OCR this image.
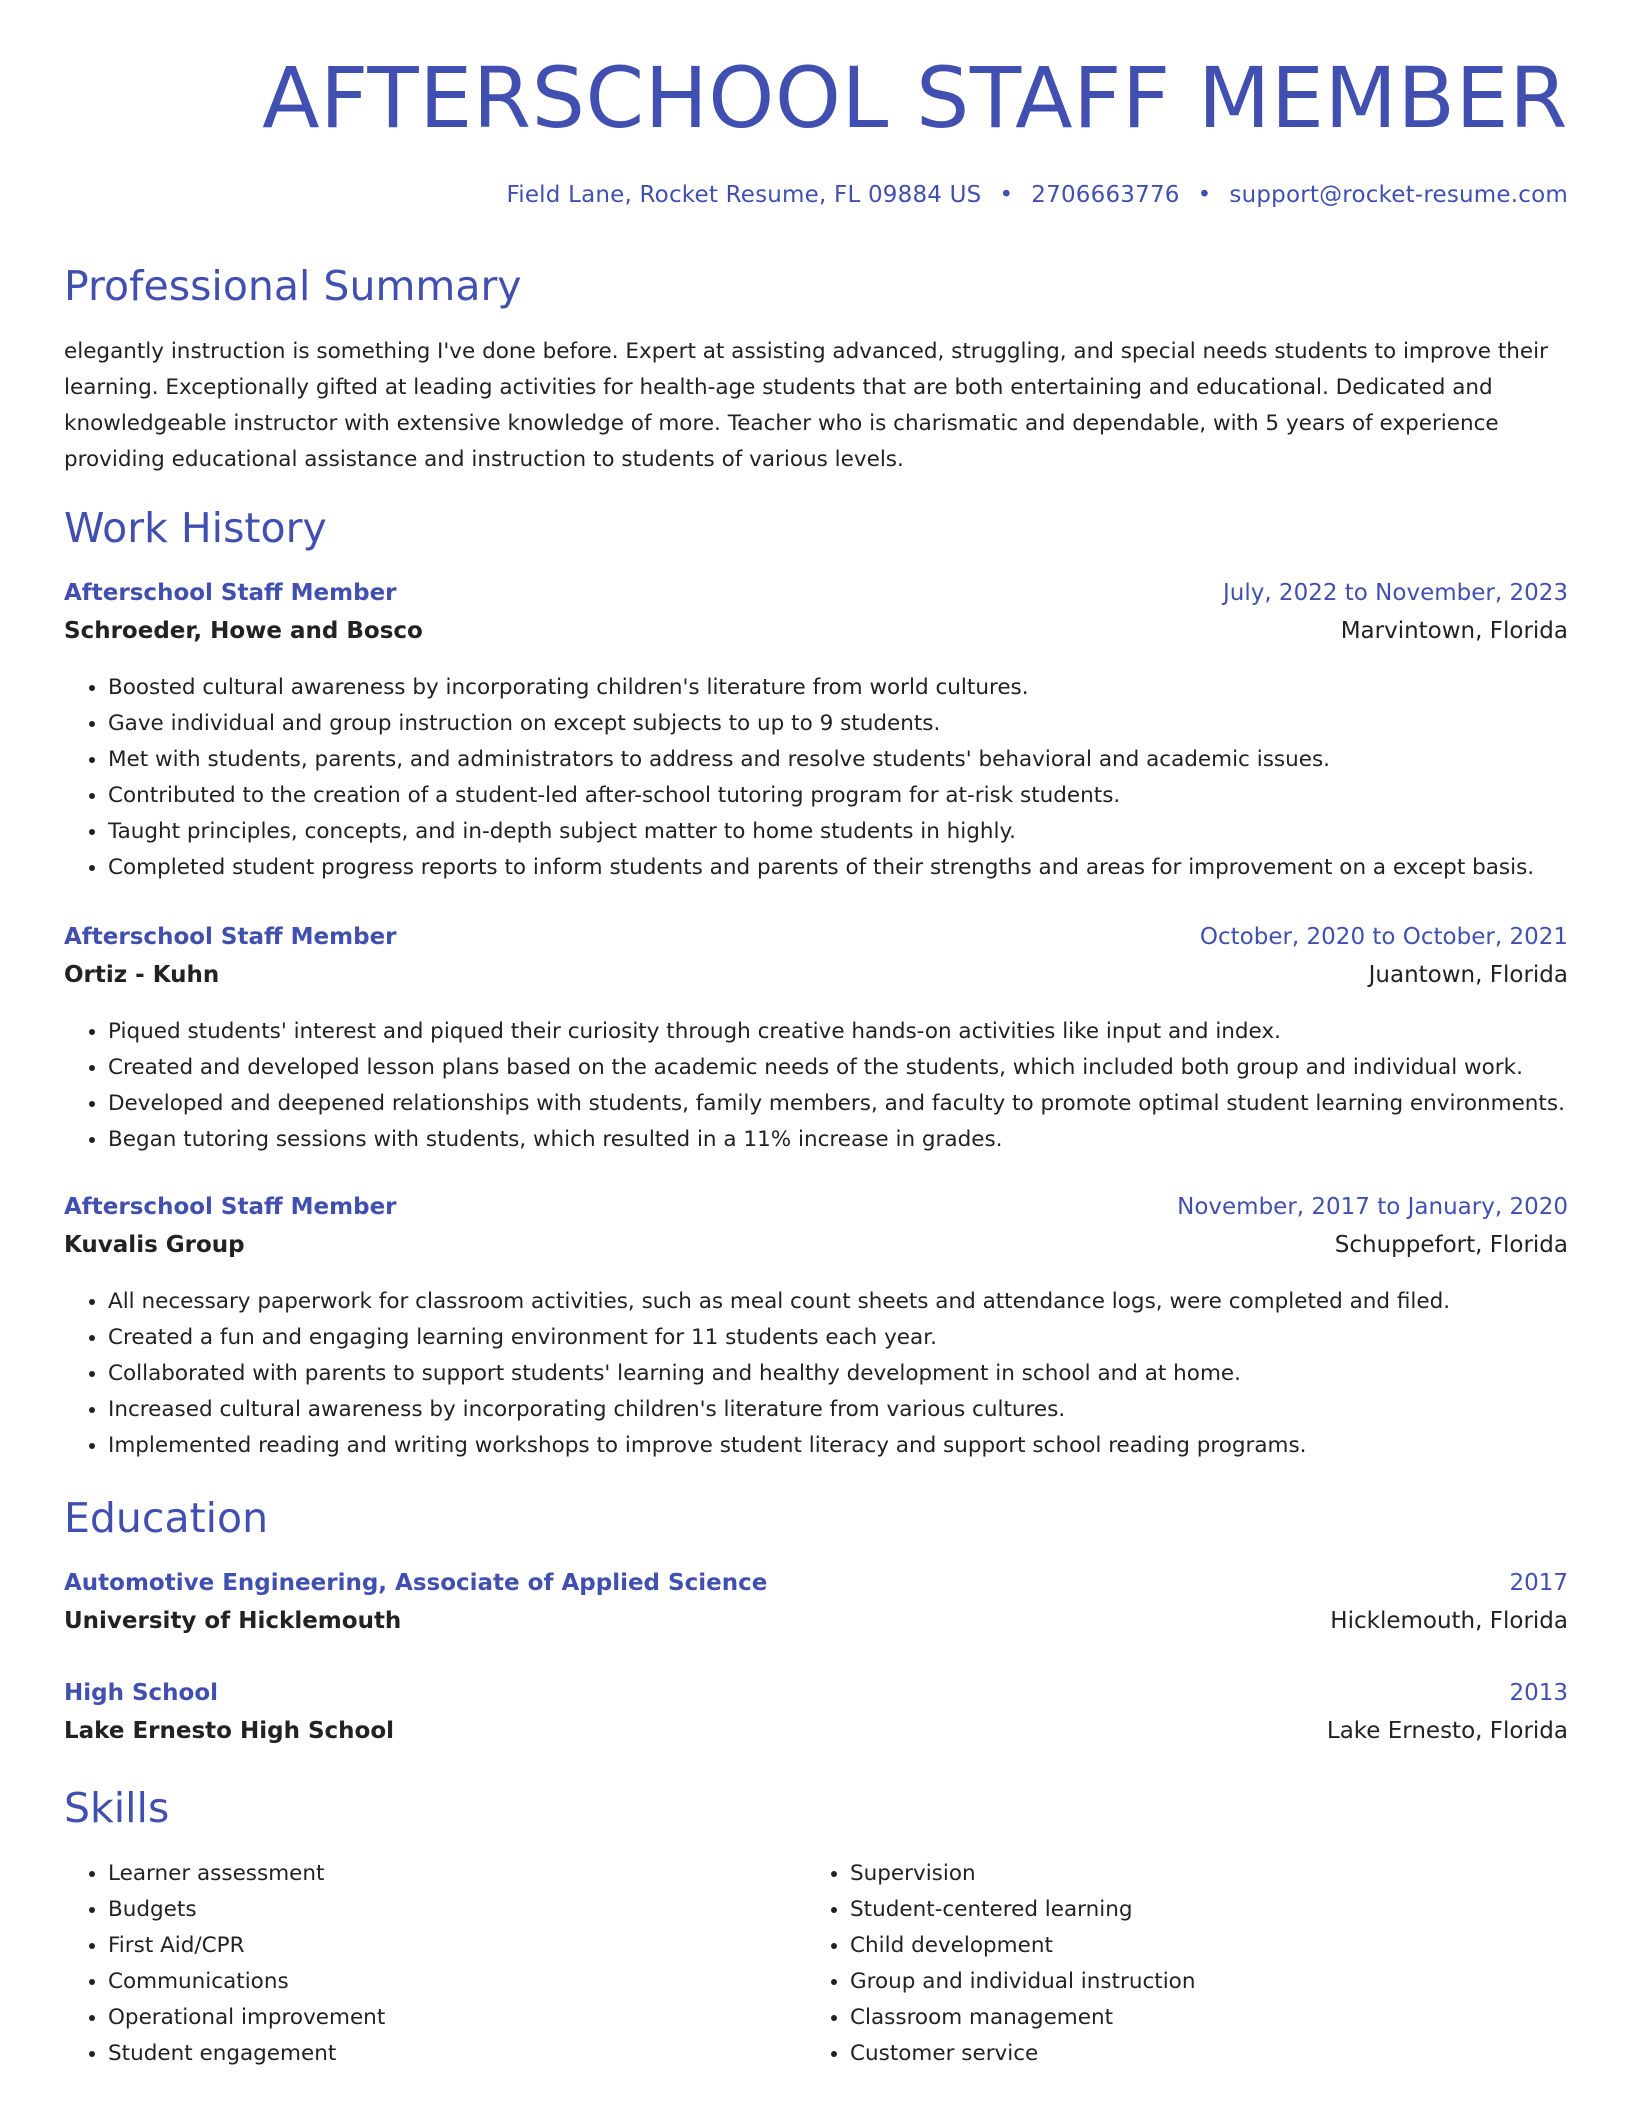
AFTERSCHOOL STAFF MEMBER
Field Lane, Rocket Resume, FL 09884 US • 2706663776 • support@rocket-resume.com
Professional Summary

elegantly instruction is something I've done before. Expert at assisting advanced, struggling, and special needs students to improve their learning. Exceptionally gifted at leading activities for health-age students that are both entertaining and educational. Dedicated and knowledgeable instructor with extensive knowledge of more. Teacher who is charismatic and dependable, with 5 years of experience providing educational assistance and instruction to students of various levels.

Work History
Afterschool Staff Member	July, 2022 to November, 2023
Schroeder, Howe and Bosco	Marvintown, Florida
• Boosted cultural awareness by incorporating children's literature from world cultures.
• Gave individual and group instruction on except subjects to up to 9 students.
• Met with students, parents, and administrators to address and resolve students' behavioral and academic issues.
• Contributed to the creation of a student-led after-school tutoring program for at-risk students.
• Taught principles, concepts, and in-depth subject matter to home students in highly.
• Completed student progress reports to inform students and parents of their strengths and areas for improvement on a except basis.
Afterschool Staff Member	October, 2020 to October, 2021
Ortiz - Kuhn	Juantown, Florida
• Piqued students' interest and piqued their curiosity through creative hands-on activities like input and index.
• Created and developed lesson plans based on the academic needs of the students, which included both group and individual work.
• Developed and deepened relationships with students, family members, and faculty to promote optimal student learning environments.
• Began tutoring sessions with students, which resulted in a 11% increase in grades.
Afterschool Staff Member	November, 2017 to January, 2020
Kuvalis Group	Schuppefort, Florida
• All necessary paperwork for classroom activities, such as meal count sheets and attendance logs, were completed and filed.
• Created a fun and engaging learning environment for 11 students each year.
• Collaborated with parents to support students' learning and healthy development in school and at home.
• Increased cultural awareness by incorporating children's literature from various cultures.
• Implemented reading and writing workshops to improve student literacy and support school reading programs.
Education
Automotive Engineering, Associate of Applied Science	2017
University of Hicklemouth	Hicklemouth, Florida
High School	2013
Lake Ernesto High School	Lake Ernesto, Florida
Skills
• Learner assessment
• Budgets
• First Aid/CPR
• Communications
• Operational improvement
• Student engagement
• Supervision
• Student-centered learning
• Child development
• Group and individual instruction
• Classroom management
• Customer service
